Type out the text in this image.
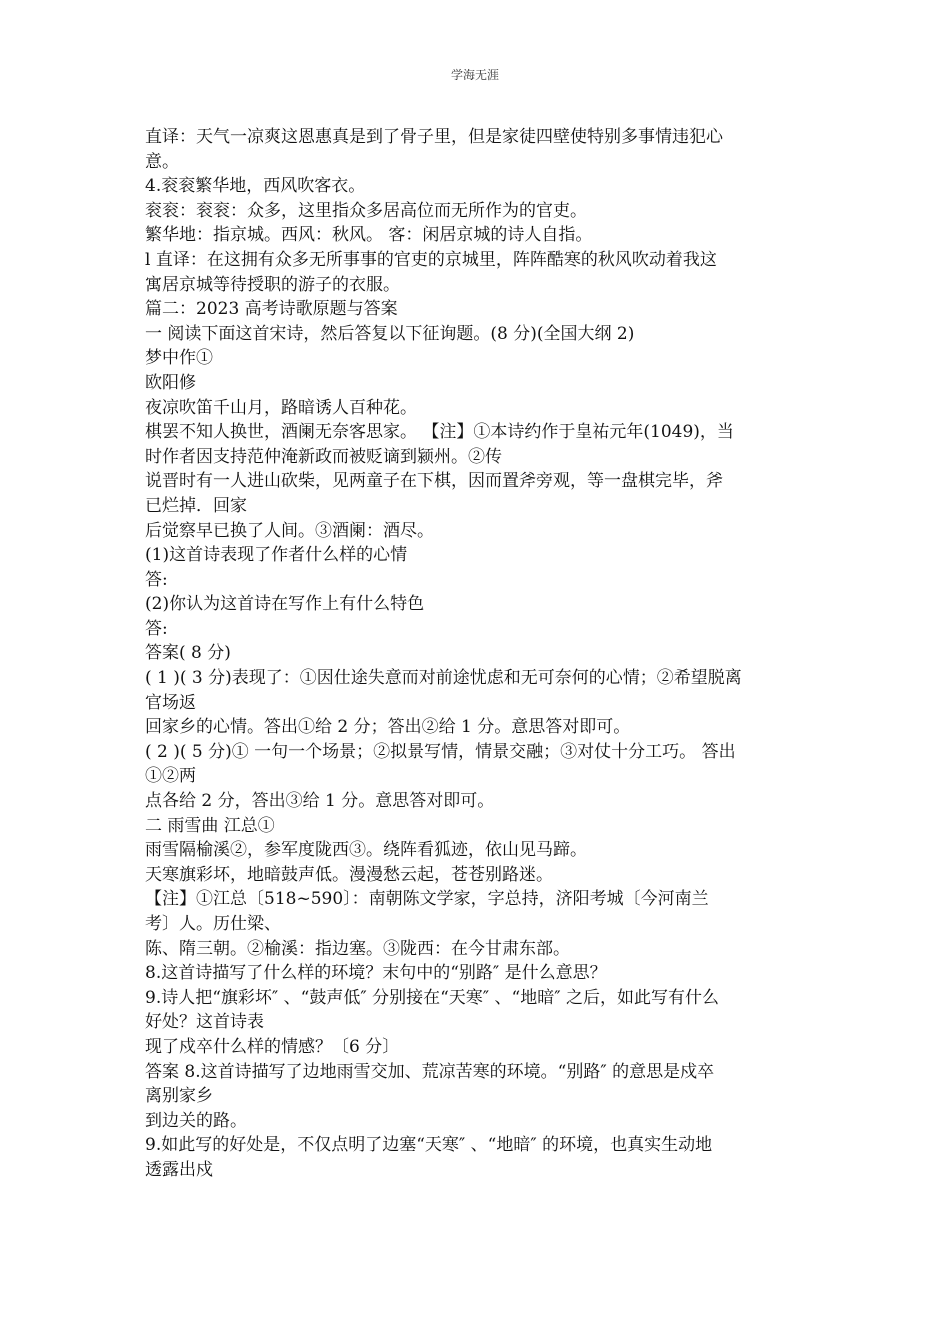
学海无涯
直译：天气一凉爽这恩惠真是到了骨子里，但是家徒四壁使特别多事情违犯心
意。
4.衮衮繁华地，西风吹客衣。
衮衮：衮衮：众多，这里指众多居高位而无所作为的官吏。
繁华地：指京城。西风：秋风。 客：闲居京城的诗人自指。
l 直译：在这拥有众多无所事事的官吏的京城里，阵阵酷寒的秋风吹动着我这
寓居京城等待授职的游子的衣服。
篇二：2023 高考诗歌原题与答案
一 阅读下面这首宋诗，然后答复以下征询题。(8 分)(全国大纲 2)
梦中作①
欧阳修
夜凉吹笛千山月，路暗诱人百种花。
棋罢不知人换世，酒阑无奈客思家。 【注】①本诗约作于皇祐元年(1049)，当
时作者因支持范仲淹新政而被贬谪到颍州。②传
说晋时有一人进山砍柴，见两童子在下棋，因而置斧旁观，等一盘棋完毕，斧
已烂掉．回家
后觉察早已换了人间。③酒阑：酒尽。
(1)这首诗表现了作者什么样的心情
答:
(2)你认为这首诗在写作上有什么特色
答:
答案( 8 分)
( 1 )( 3 分)表现了：①因仕途失意而对前途忧虑和无可奈何的心情；②希望脱离
官场返
回家乡的心情。答出①给 2 分；答出②给 1 分。意思答对即可。
( 2 )( 5 分)① 一句一个场景；②拟景写情，情景交融；③对仗十分工巧。 答出
①②两
点各给 2 分，答出③给 1 分。意思答对即可。
二 雨雪曲 江总①
雨雪隔榆溪②，参军度陇西③。绕阵看狐迹，依山见马蹄。
天寒旗彩坏，地暗鼓声低。漫漫愁云起，苍苍别路迷。
【注】①江总〔518~590〕：南朝陈文学家，字总持，济阳考城〔今河南兰
考〕人。历仕梁、
陈、隋三朝。②榆溪：指边塞。③陇西：在今甘肃东部。
8.这首诗描写了什么样的环境？末句中的“别路″ 是什么意思？
9.诗人把“旗彩坏″ 、“鼓声低″ 分别接在“天寒″ 、“地暗″ 之后，如此写有什么
好处？这首诗表
现了戍卒什么样的情感？〔6 分〕
答案 8.这首诗描写了边地雨雪交加、荒凉苦寒的环境。“别路″ 的意思是戍卒
离别家乡
到边关的路。
9.如此写的好处是，不仅点明了边塞“天寒″ 、“地暗″ 的环境，也真实生动地
透露出戍
